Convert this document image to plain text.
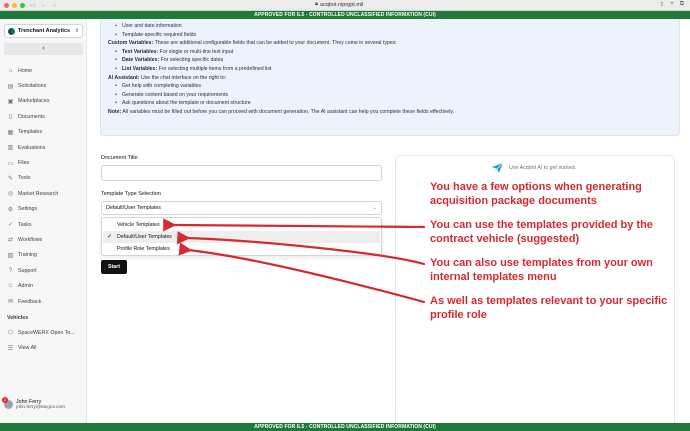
▭ ← →	🔒︎ acqbot.niprgpt.mil	⇪ + ⧉
APPROVED FOR IL5 - CONTROLLED UNCLASSIFIED INFORMATION (CUI)
Trenchant Analytics ⇕
‹
⌂	Home
▤ Solicitations
▣ Marketplaces
▯	Documents
▦ Templates
▥ Evaluations
▭ Files
✎ Tools
◎ Market Research
⚙ Settings
✓ Tasks
⇄ Workflows
▧ Training
?	Support
☺ Admin
✉ Feedback
Vehicles
⬡ SpaceWERX Open To...
☰ View All
2	John Ferry
john.ferry@tacgov.com
• User and date information
• Template-specific required fields
Custom Variables: These are additional configurable fields that can be added to your document. They come in several types:
• Text Variables: For single or multi-line text input
• Date Variables: For selecting specific dates
• List Variables: For selecting multiple items from a predefined list
AI Assistant: Use the chat interface on the right to:
• Get help with completing variables
• Generate content based on your requirements
• Ask questions about the template or document structure
Note: All variables must be filled out before you can proceed with document generation. The AI assistant can help you complete these fields effectively.
Document Title
Template Type Selection
Default/User Templates	⌄
Vehicle Templates
✓ Default/User Templates
Profile Role Templates
Start
Use Acqbot AI to get started.
You have a few options when generating acquisition package documents
You can use the templates provided by the contract vehicle (suggested)
You can also use templates from your own internal templates menu
As well as templates relevant to your specific profile role
APPROVED FOR IL5 - CONTROLLED UNCLASSIFIED INFORMATION (CUI)
